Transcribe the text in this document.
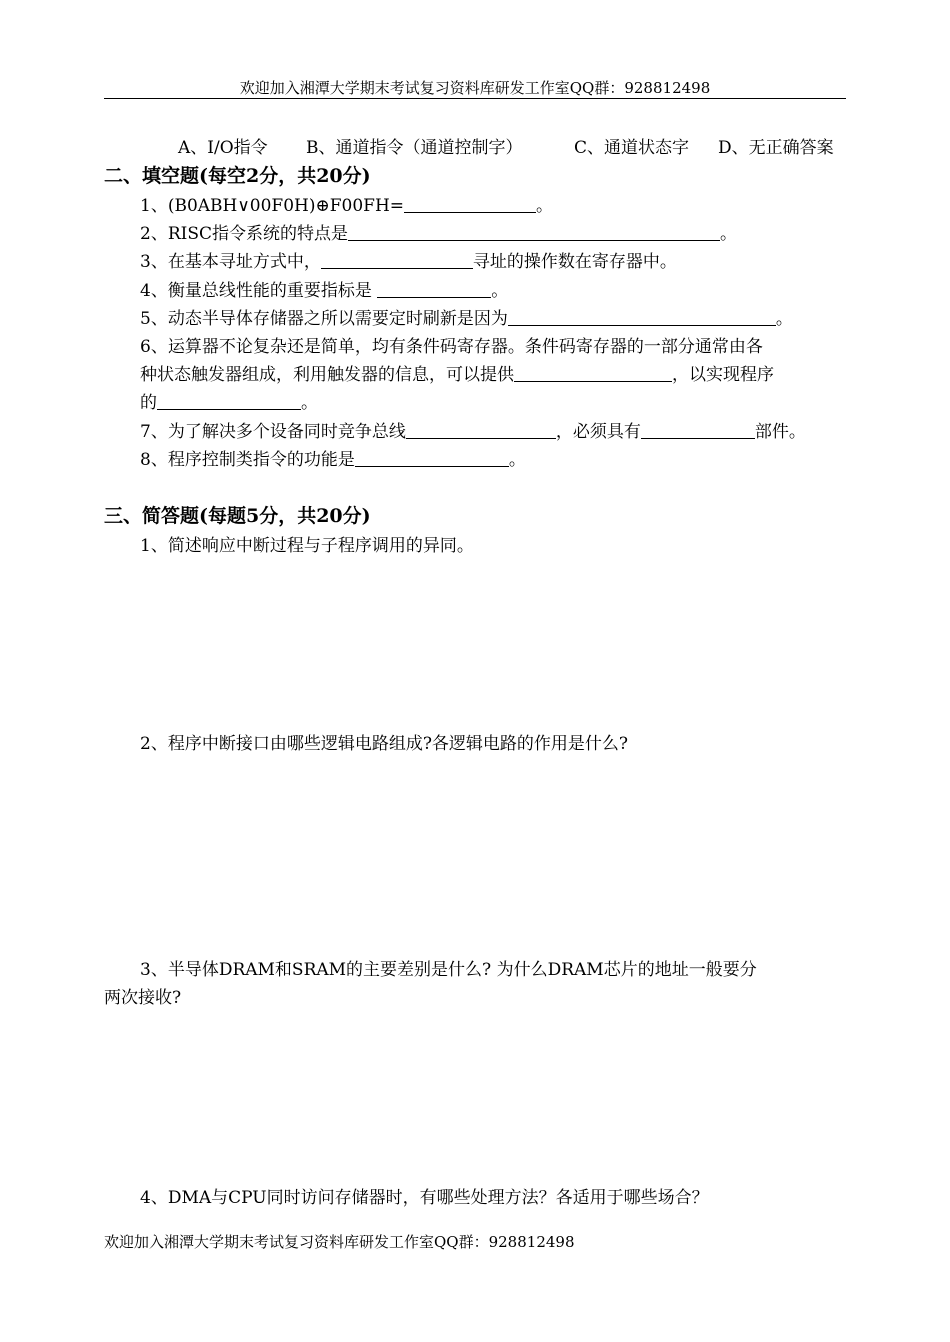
欢迎加入湘潭大学期末考试复习资料库研发工作室QQ群：928812498
A、I/O指令 B、通道指令（通道控制字）	C、通道状态字 D、无正确答案
二、填空题(每空2分，共20分)
1、(B0ABH∨00F0H)⊕F00FH=	。
2、RISC指令系统的特点是	。
3、在基本寻址方式中，	寻址的操作数在寄存器中。
4、衡量总线性能的重要指标是	。
5、动态半导体存储器之所以需要定时刷新是因为	。
6、运算器不论复杂还是简单，均有条件码寄存器。条件码寄存器的一部分通常由各
种状态触发器组成，利用触发器的信息，可以提供	，以实现程序
的	。
7、为了解决多个设备同时竞争总线	，必须具有	部件。
8、程序控制类指令的功能是	。
三、简答题(每题5分，共20分)
1、简述响应中断过程与子程序调用的异同。
2、程序中断接口由哪些逻辑电路组成?各逻辑电路的作用是什么?
3、半导体DRAM和SRAM的主要差别是什么? 为什么DRAM芯片的地址一般要分
两次接收?
4、DMA与CPU同时访问存储器时，有哪些处理方法？各适用于哪些场合？
欢迎加入湘潭大学期末考试复习资料库研发工作室QQ群：928812498
